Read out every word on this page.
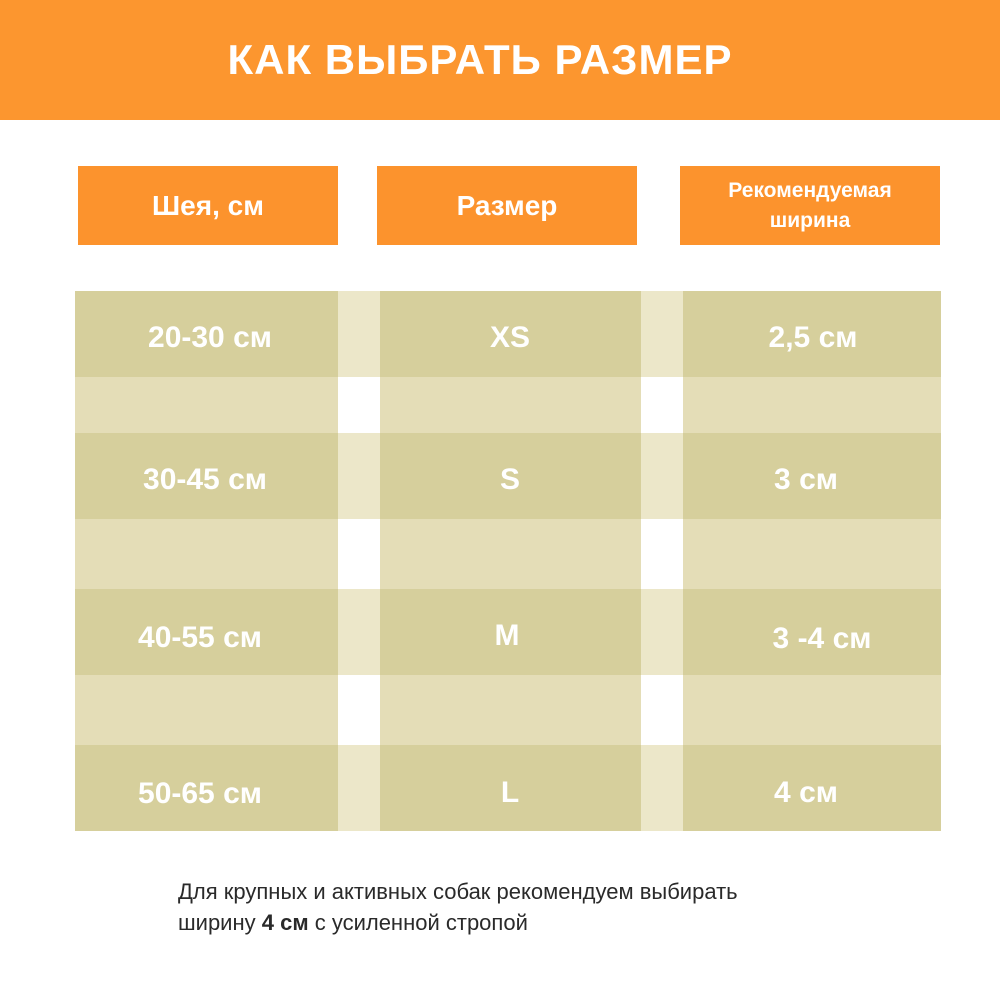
КАК ВЫБРАТЬ РАЗМЕР
Шея, см	Размер	Рекомендуемая ширина
20-30 см	XS	2,5 см
30-45 см	S	3 см
40-55 см	M	3 -4 см
50-65 см	L	4 см
Для крупных и активных собак рекомендуем выбирать
ширину 4 см с усиленной стропой
